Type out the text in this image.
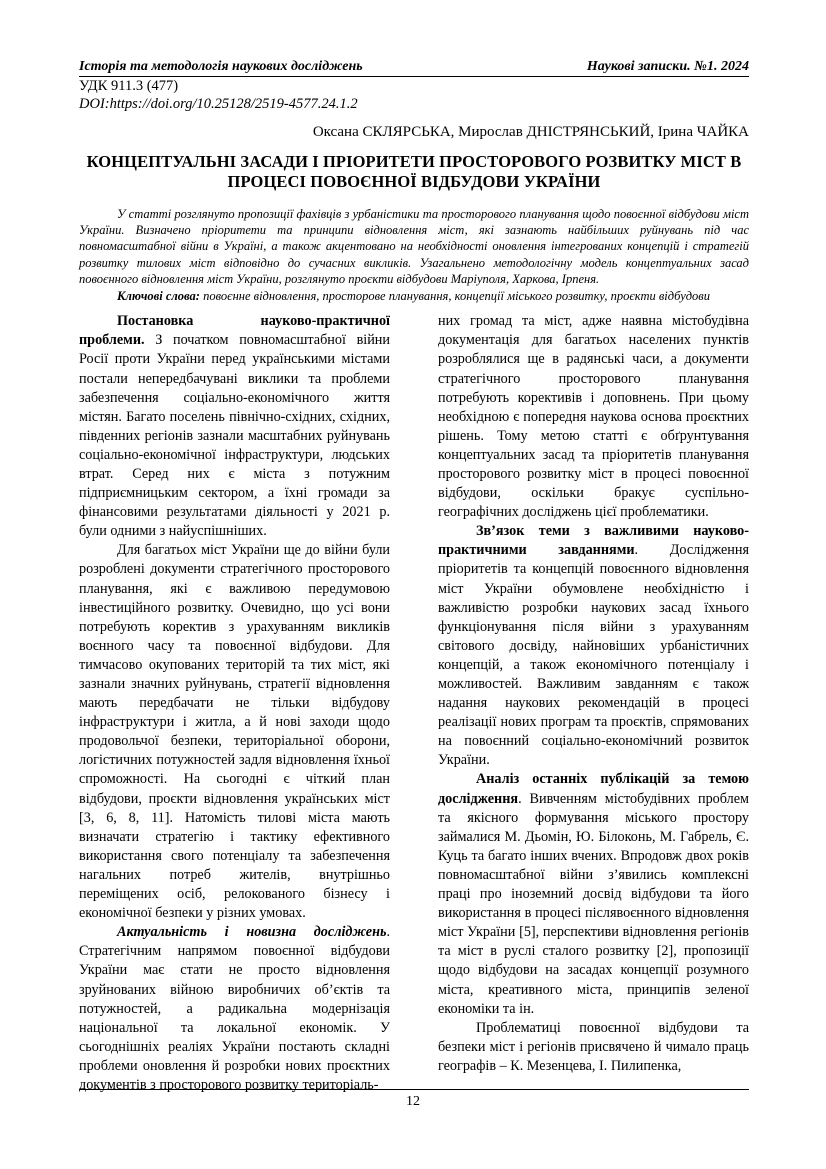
Історія та методологія наукових досліджень	Наукові записки. №1. 2024
УДК 911.3 (477)
DOI:https://doi.org/10.25128/2519-4577.24.1.2
Оксана СКЛЯРСЬКА, Мирослав ДНІСТРЯНСЬКИЙ, Ірина ЧАЙКА
КОНЦЕПТУАЛЬНІ ЗАСАДИ І ПРІОРИТЕТИ ПРОСТОРОВОГО РОЗВИТКУ МІСТ В ПРОЦЕСІ ПОВОЄННОЇ ВІДБУДОВИ УКРАЇНИ
У статті розглянуто пропозиції фахівців з урбаністики та просторового планування щодо повоєнної відбудови міст України. Визначено пріоритети та принципи відновлення міст, які зазнають найбільших руйнувань під час повномасштабної війни в Україні, а також акцентовано на необхідності оновлення інтегрованих концепцій і стратегій розвитку тилових міст відповідно до сучасних викликів. Узагальнено методологічну модель концептуальних засад повоєнного відновлення міст України, розглянуто проєкти відбудови Маріуполя, Харкова, Ірпеня.
Ключові слова: повоєнне відновлення, просторове планування, концепції міського розвитку, проєкти відбудови

Постановка науково-практичної проблеми. З початком повномасштабної війни Росії проти України перед українськими містами постали непередбачувані виклики та проблеми забезпечення соціально-економічного життя містян. Багато поселень північно-східних, східних, південних регіонів зазнали масштабних руйнувань соціально-економічної інфраструктури, людських втрат. Серед них є міста з потужним підприємницьким сектором, а їхні громади за фінансовими результатами діяльності у 2021 р. були одними з найуспішніших.

Для багатьох міст України ще до війни були розроблені документи стратегічного просторового планування, які є важливою передумовою інвестиційного розвитку. Очевидно, що усі вони потребують коректив з урахуванням викликів воєнного часу та повоєнної відбудови. Для тимчасово окупованих територій та тих міст, які зазнали значних руйнувань, стратегії відновлення мають передбачати не тільки відбудову інфраструктури і житла, а й нові заходи щодо продовольчої безпеки, територіальної оборони, логістичних потужностей задля відновлення їхньої спроможності. На сьогодні є чіткий план відбудови, проєкти відновлення українських міст [3, 6, 8, 11]. Натомість тилові міста мають визначати стратегію і тактику ефективного використання свого потенціалу та забезпечення нагальних потреб жителів, внутрішньо переміщених осіб, релокованого бізнесу і економічної безпеки у різних умовах.

Актуальність і новизна досліджень. Стратегічним напрямом повоєнної відбудови України має стати не просто відновлення зруйнованих війною виробничих об’єктів та потужностей, а радикальна модернізація національної та локальної економік. У сьогоднішніх реаліях України постають складні проблеми оновлення й розробки нових проєктних документів з просторового розвитку територіаль-

них громад та міст, адже наявна містобудівна документація для багатьох населених пунктів розроблялися ще в радянські часи, а документи стратегічного просторового планування потребують корективів і доповнень. При цьому необхідною є попередня наукова основа проєктних рішень. Тому метою статті є обґрунтування концептуальних засад та пріоритетів планування просторового розвитку міст в процесі повоєнної відбудови, оскільки бракує суспільно-географічних досліджень цієї проблематики.

Зв’язок теми з важливими науково-практичними завданнями. Дослідження пріоритетів та концепцій повоєнного відновлення міст України обумовлене необхідністю і важливістю розробки наукових засад їхнього функціонування після війни з урахуванням світового досвіду, найновіших урбаністичних концепцій, а також економічного потенціалу і можливостей. Важливим завданням є також надання наукових рекомендацій в процесі реалізації нових програм та проєктів, спрямованих на повоєнний соціально-економічний розвиток України.

Аналіз останніх публікацій за темою дослідження. Вивченням містобудівних проблем та якісного формування міського простору займалися М. Дьомін, Ю. Білоконь, М. Габрель, Є. Куць та багато інших вчених. Впродовж двох років повномасштабної війни з’явились комплексні праці про іноземний досвід відбудови та його використання в процесі післявоєнного відновлення міст України [5], перспективи відновлення регіонів та міст в руслі сталого розвитку [2], пропозиції щодо відбудови на засадах концепції розумного міста, креативного міста, принципів зеленої економіки та ін.

Проблематиці повоєнної відбудови та безпеки міст і регіонів присвячено й чимало праць географів – К. Мезенцева, І. Пилипенка,

12
